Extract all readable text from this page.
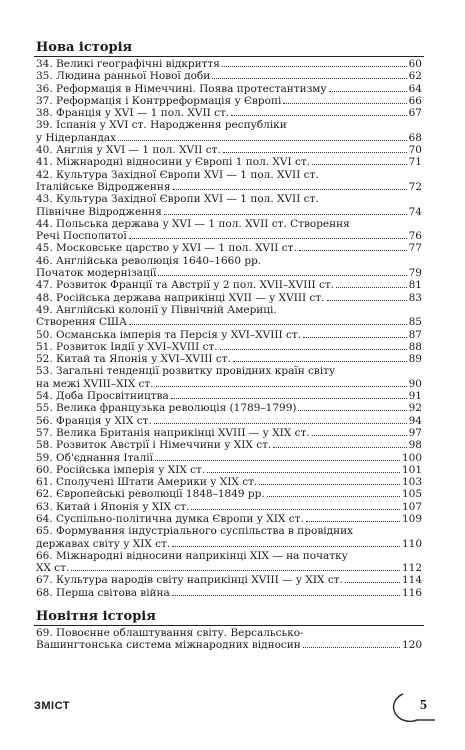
Нова історія
34. Великі географічні відкриття	60
35. Людина ранньої Нової доби	62
36. Реформація в Німеччині. Поява протестантизму	64
37. Реформація і Контрреформація у Європі	66
38. Франція у XVI — 1 пол. XVII ст.	67
39. Іспанія у XVI ст. Народження республіки
у Нідерландах	68
40. Англія у XVI — 1 пол. XVII ст.	70
41. Міжнародні відносини у Європі 1 пол. XVI ст.	71
42. Культура Західної Європи XVI — 1 пол. XVII ст.
Італійське Відродження	72
43. Культура Західної Європи XVI — 1 пол. XVII ст.
Північне Відродження	74
44. Польська держава у XVI — 1 пол. XVII ст. Створення
Речі Посполитої	76
45. Московське царство у XVI — 1 пол. XVII ст.	77
46. Англійська революція 1640–1660 рр.
Початок модернізації	79
47. Розвиток Франції та Австрії у 2 пол. XVII–XVIII ст.	81
48. Російська держава наприкінці XVII — у XVIII ст.	83
49. Англійські колонії у Північній Америці.
Створення США	85
50. Османська імперія та Персія у XVI–XVIII ст.	87
51. Розвиток Індії у XVI–XVIII ст.	88
52. Китай та Японія у XVI–XVIII ст.	89
53. Загальні тенденції розвитку провідних країн світу
на межі XVIII–XIX ст.	90
54. Доба Просвітництва	91
55. Велика французька революція (1789–1799)	92
56. Франція у XIX ст.	94
57. Велика Британія наприкінці XVIII — у XIX ст.	97
58. Розвиток Австрії і Німеччини у XIX ст.	98
59. Об'єднання Італії	100
60. Російська імперія у XIX ст.	101
61. Сполучені Штати Америки у XIX ст.	103
62. Європейські революції 1848–1849 рр.	105
63. Китай і Японія у XIX ст.	107
64. Суспільно-політична думка Європи у XIX ст.	109
65. Формування індустріального суспільства в провідних
державах світу у XIX ст.	110
66. Міжнародні відносини наприкінці XIX — на початку
XX ст.	112
67. Культура народів світу наприкінці XVIII — у XIX ст.	114
68. Перша світова війна	116
Новітня історія
69. Повоєнне облаштування світу. Версальсько-
Вашингтонська система міжнародних відносин	120
ЗМІСТ	5
